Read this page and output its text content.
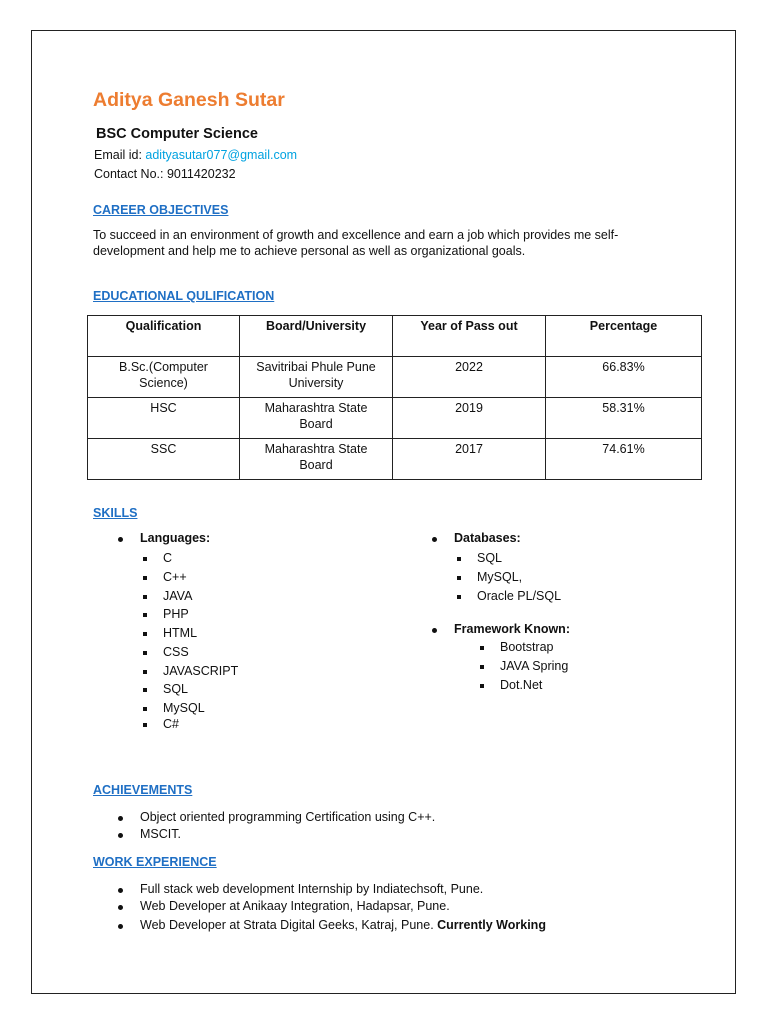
Aditya Ganesh Sutar
BSC Computer Science
Email id: adityasutar077@gmail.com
Contact No.: 9011420232
CAREER OBJECTIVES
To succeed in an environment of growth and excellence and earn a job which provides me self-development and help me to achieve personal as well as organizational goals.
EDUCATIONAL QULIFICATION
Qualification	Board/University	Year of Pass out	Percentage
B.Sc.(Computer Science)	Savitribai Phule Pune University	2022	66.83%
HSC	Maharashtra State Board	2019	58.31%
SSC	Maharashtra State Board	2017	74.61%
SKILLS
Languages:
C
C++
JAVA
PHP
HTML
CSS
JAVASCRIPT
SQL
MySQL
C#
Databases:
SQL
MySQL,
Oracle PL/SQL
Framework Known:
Bootstrap
JAVA Spring
Dot.Net
ACHIEVEMENTS
Object oriented programming Certification using C++.
MSCIT.
WORK EXPERIENCE
Full stack web development Internship by Indiatechsoft, Pune.
Web Developer at Anikaay Integration, Hadapsar, Pune.
Web Developer at Strata Digital Geeks, Katraj, Pune. Currently Working
